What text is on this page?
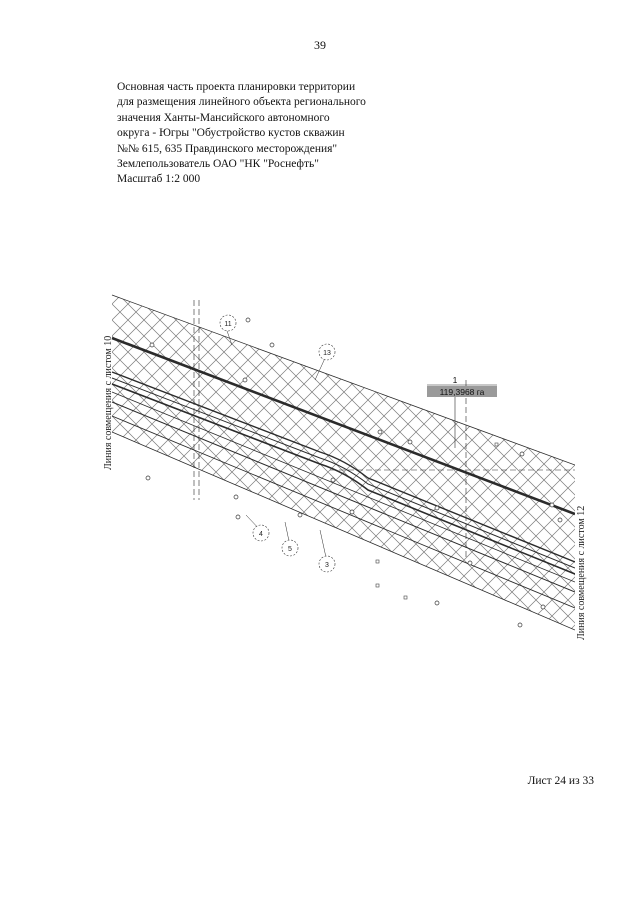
39
Основная часть проекта планировки территории
для размещения линейного объекта регионального
значения Ханты-Мансийского автономного
округа - Югры "Обустройство кустов скважин
№№ 615, 635 Правдинского месторождения"
Землепользователь ОАО "НК "Роснефть"
Масштаб 1:2 000
11
13
4
5
3
1
119,3968 га
Линия совмещения с листом 10
Линия совмещения с листом 12
Лист 24 из 33
